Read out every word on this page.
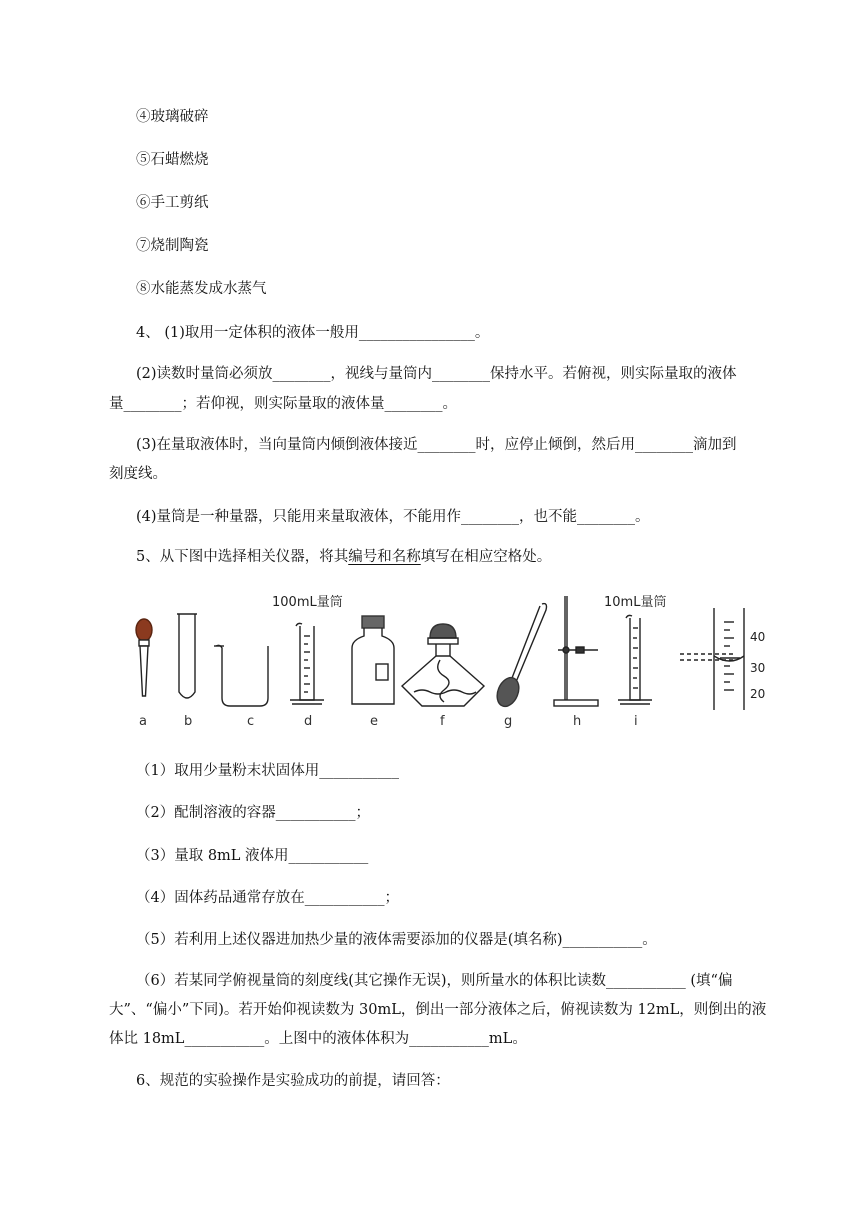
④玻璃破碎
⑤石蜡燃烧
⑥手工剪纸
⑦烧制陶瓷
⑧水能蒸发成水蒸气
4、 (1)取用一定体积的液体一般用________________。
(2)读数时量筒必须放________，视线与量筒内________保持水平。若俯视，则实际量取的液体
量________；若仰视，则实际量取的液体量________。
(3)在量取液体时，当向量筒内倾倒液体接近________时，应停止倾倒，然后用________滴加到
刻度线。
(4)量筒是一种量器，只能用来量取液体，不能用作________，也不能________。
5、从下图中选择相关仪器，将其编号和名称填写在相应空格处。
100mL量筒	10mL量筒
40
30
20
a	b	c	d	e	f	g	h	i
（1）取用少量粉末状固体用___________
（2）配制溶液的容器___________；
（3）量取 8mL 液体用___________
（4）固体药品通常存放在___________；
（5）若利用上述仪器进加热少量的液体需要添加的仪器是(填名称)___________。
（6）若某同学俯视量筒的刻度线(其它操作无误)，则所量水的体积比读数___________ (填“偏
大”、“偏小”下同)。若开始仰视读数为 30mL，倒出一部分液体之后，俯视读数为 12mL，则倒出的液
体比 18mL___________。上图中的液体体积为___________mL。
6、规范的实验操作是实验成功的前提，请回答：
